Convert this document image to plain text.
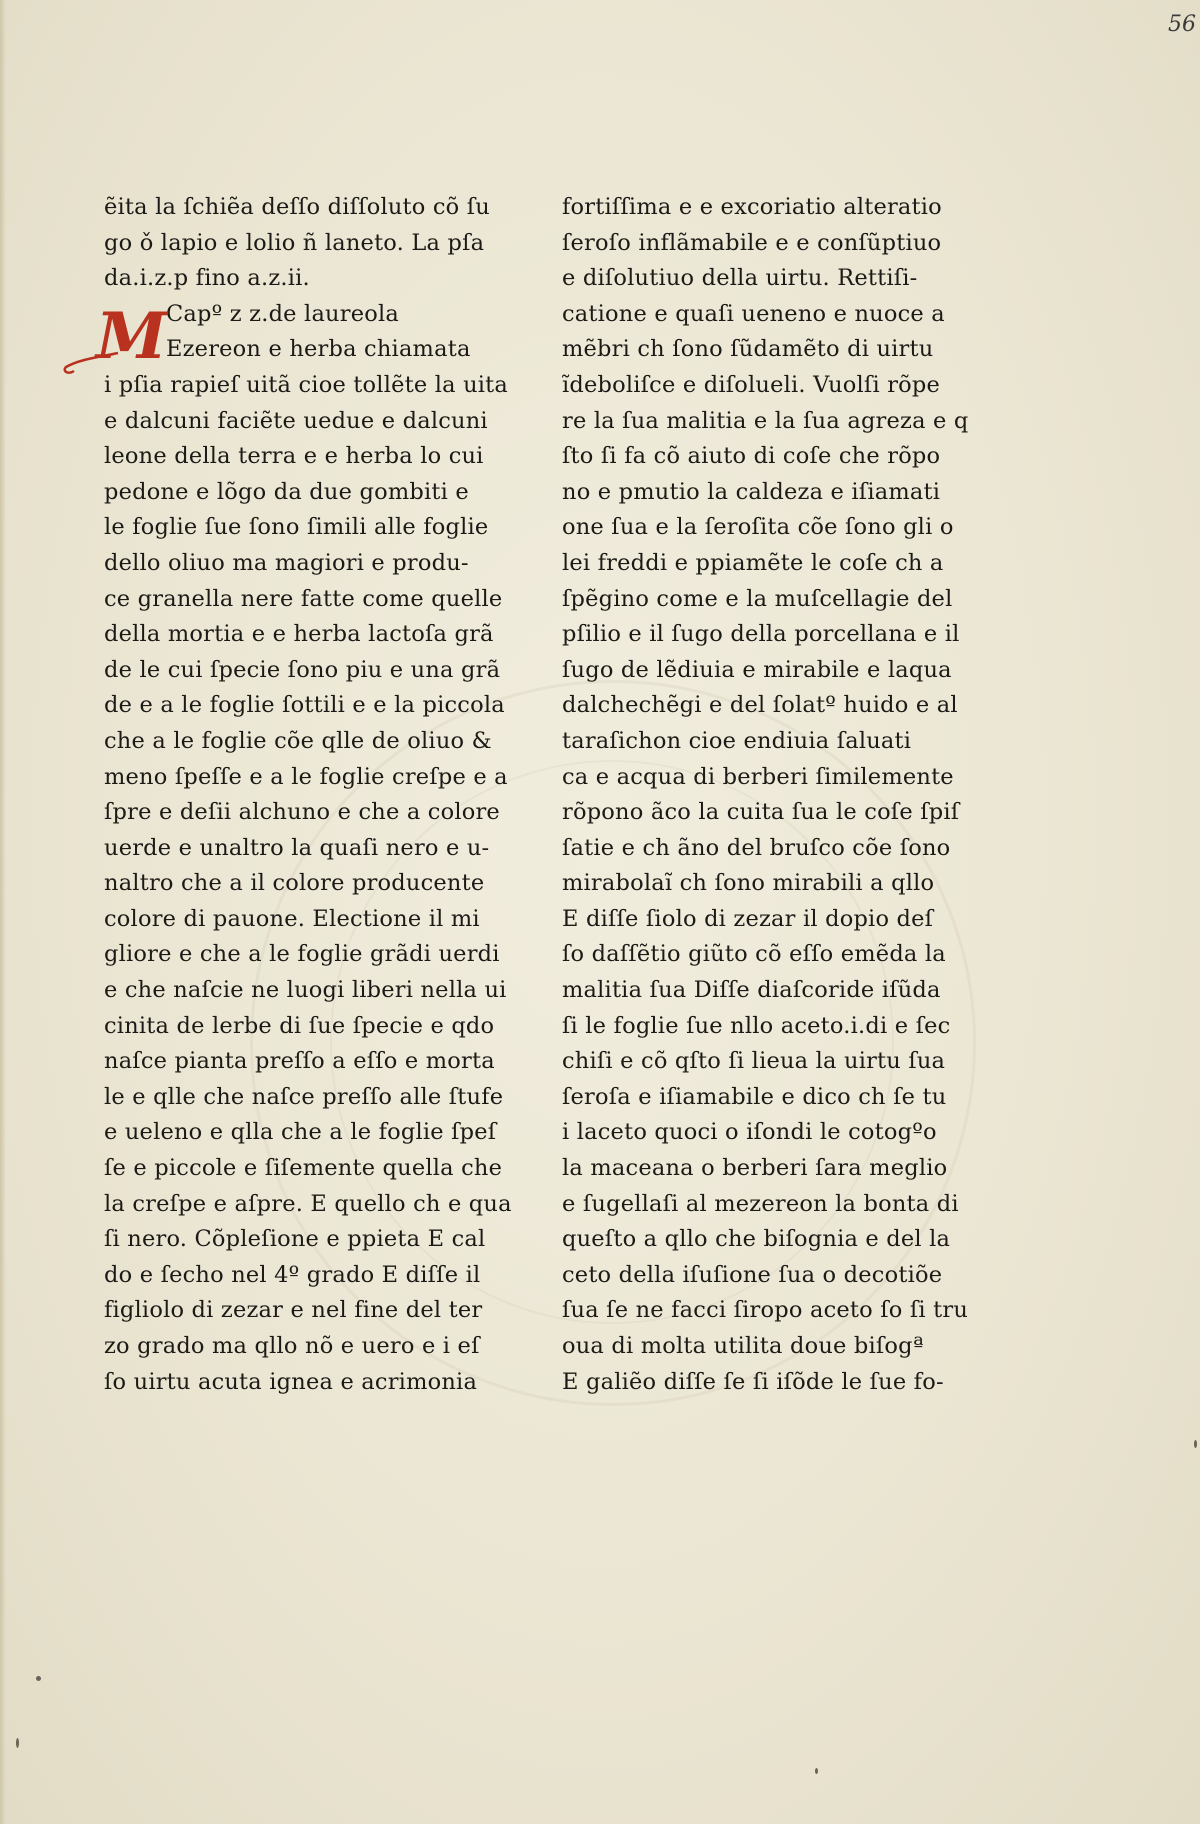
56
ẽita la ſchiẽa deſſo diſſoluto cõ ſu
go ǒ lapio e lolio ñ laneto. La pſa
da.i.z.p fino a.z.ii.
M
Capº z z.de laureola
Ezereon e herba chiamata
i pſia rapieſ uitã cioe tollẽte la uita
e dalcuni faciẽte uedue e dalcuni
leone della terra e e herba lo cui
pedone e lõgo da due gombiti e
le foglie ſue ſono ſimili alle foglie
dello oliuo ma magiori e produ-
ce granella nere fatte come quelle
della mortia e e herba lactoſa grã
de le cui ſpecie ſono piu e una grã
de e a le foglie ſottili e e la piccola
che a le foglie cõe qlle de oliuo &
meno ſpeſſe e a le foglie creſpe e a
ſpre e deſii alchuno e che a colore
uerde e unaltro la quaſi nero e u-
naltro che a il colore producente
colore di pauone. Electione il mi
gliore e che a le foglie grãdi uerdi
e che naſcie ne luogi liberi nella ui
cinita de lerbe di ſue ſpecie e qdo
naſce pianta preſſo a eſſo e morta
le e qlle che naſce preſſo alle ſtufe
e ueleno e qlla che a le foglie ſpeſ
ſe e piccole e ſiſemente quella che
la creſpe e aſpre. E quello ch e qua
ſi nero. Cõpleſione e ppieta E cal
do e ſecho nel 4º grado E diſſe il
figliolo di zezar e nel fine del ter
zo grado ma qllo nõ e uero e i eſ
ſo uirtu acuta ignea e acrimonia
fortiſſima e e excoriatio alteratio
ſeroſo inflãmabile e e conſũptiuo
e diſolutiuo della uirtu. Rettiſi-
catione e quaſi ueneno e nuoce a
mẽbri ch ſono ſũdamẽto di uirtu
ĩdeboliſce e diſolueli. Vuolſi rõpe
re la ſua malitia e la ſua agreza e q
ſto ſi fa cõ aiuto di coſe che rõpo
no e pmutio la caldeza e iſiamati
one ſua e la ſeroſita cõe ſono gli o
lei freddi e ppiamẽte le coſe ch a
ſpẽgino come e la muſcellagie del
pſilio e il ſugo della porcellana e il
ſugo de lẽdiuia e mirabile e laqua
dalchechẽgi e del ſolatº huido e al
taraſichon cioe endiuia ſaluati
ca e acqua di berberi ſimilemente
rõpono ãco la cuita ſua le coſe ſpiſ
ſatie e ch ãno del bruſco cõe ſono
mirabolaĩ ch ſono mirabili a qllo
E diſſe ſiolo di zezar il dopio deſ
ſo daſſẽtio giũto cõ eſſo emẽda la
malitia ſua Diſſe diaſcoride iſũda
ſi le foglie ſue nllo aceto.i.di e ſec
chiſi e cõ qſto ſi lieua la uirtu ſua
ſeroſa e iſiamabile e dico ch ſe tu
i laceto quoci o iſondi le cotogºo
la maceana o berberi ſara meglio
e ſugellaſi al mezereon la bonta di
queſto a qllo che biſognia e del la
ceto della iſuſione ſua o decotiõe
ſua ſe ne facci ſiropo aceto ſo ſi tru
oua di molta utilita doue biſogª
E galiẽo diſſe ſe ſi iſõde le ſue fo-
